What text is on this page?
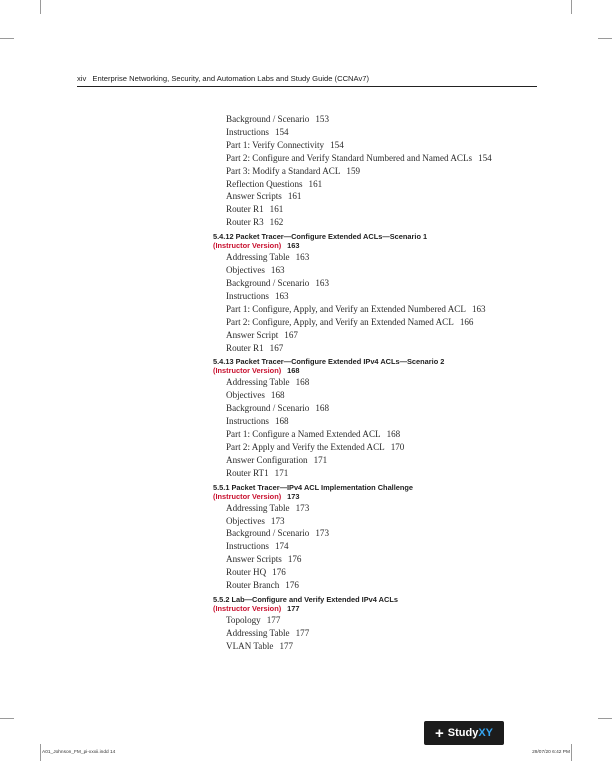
xiv Enterprise Networking, Security, and Automation Labs and Study Guide (CCNAv7)
Background / Scenario 153
Instructions 154
Part 1: Verify Connectivity 154
Part 2: Configure and Verify Standard Numbered and Named ACLs 154
Part 3: Modify a Standard ACL 159
Reflection Questions 161
Answer Scripts 161
Router R1 161
Router R3 162
5.4.12 Packet Tracer—Configure Extended ACLs—Scenario 1
(Instructor Version) 163
Addressing Table 163
Objectives 163
Background / Scenario 163
Instructions 163
Part 1: Configure, Apply, and Verify an Extended Numbered ACL 163
Part 2: Configure, Apply, and Verify an Extended Named ACL 166
Answer Script 167
Router R1 167
5.4.13 Packet Tracer—Configure Extended IPv4 ACLs—Scenario 2
(Instructor Version) 168
Addressing Table 168
Objectives 168
Background / Scenario 168
Instructions 168
Part 1: Configure a Named Extended ACL 168
Part 2: Apply and Verify the Extended ACL 170
Answer Configuration 171
Router RT1 171
5.5.1 Packet Tracer—IPv4 ACL Implementation Challenge
(Instructor Version) 173
Addressing Table 173
Objectives 173
Background / Scenario 173
Instructions 174
Answer Scripts 176
Router HQ 176
Router Branch 176
5.5.2 Lab—Configure and Verify Extended IPv4 ACLs
(Instructor Version) 177
Topology 177
Addressing Table 177
VLAN Table 177
+ Study XY
A01_Johnson_FM_pi-xxxii.indd 14	29/07/20 6:42 PM
